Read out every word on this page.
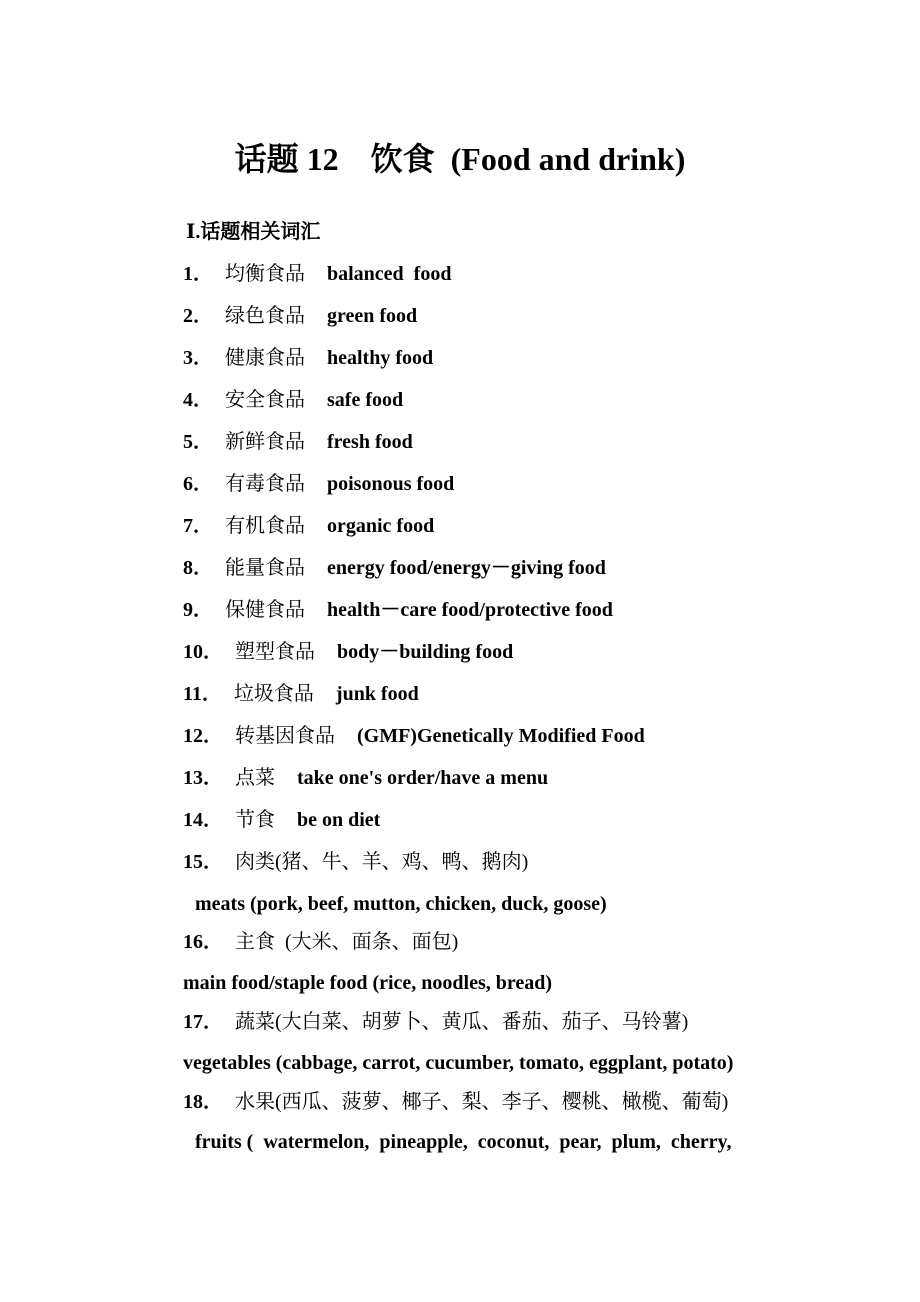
话题 12　饮食  (Food and drink)
Ⅰ.话题相关词汇
1． 均衡食品 balanced  food
2． 绿色食品 green food
3． 健康食品 healthy food
4． 安全食品 safe food
5． 新鲜食品 fresh food
6． 有毒食品 poisonous food
7． 有机食品 organic food
8． 能量食品 energy food/energy－giving food
9． 保健食品 health－care food/protective food
10． 塑型食品 body－building food
11． 垃圾食品 junk food
12． 转基因食品 (GMF)Genetically Modified Food
13． 点菜 take one's order/have a menu
14． 节食 be on diet
15． 肉类(猪、牛、羊、鸡、鸭、鹅肉)
meats (pork, beef, mutton, chicken, duck, goose)
16． 主食  (大米、面条、面包)
main food/staple food (rice, noodles, bread)
17． 蔬菜(大白菜、胡萝卜、黄瓜、番茄、茄子、马铃薯)
vegetables (cabbage, carrot, cucumber, tomato, eggplant, potato)
18． 水果(西瓜、菠萝、椰子、梨、李子、樱桃、橄榄、葡萄)
fruits (  watermelon,  pineapple,  coconut,  pear,  plum,  cherry,
